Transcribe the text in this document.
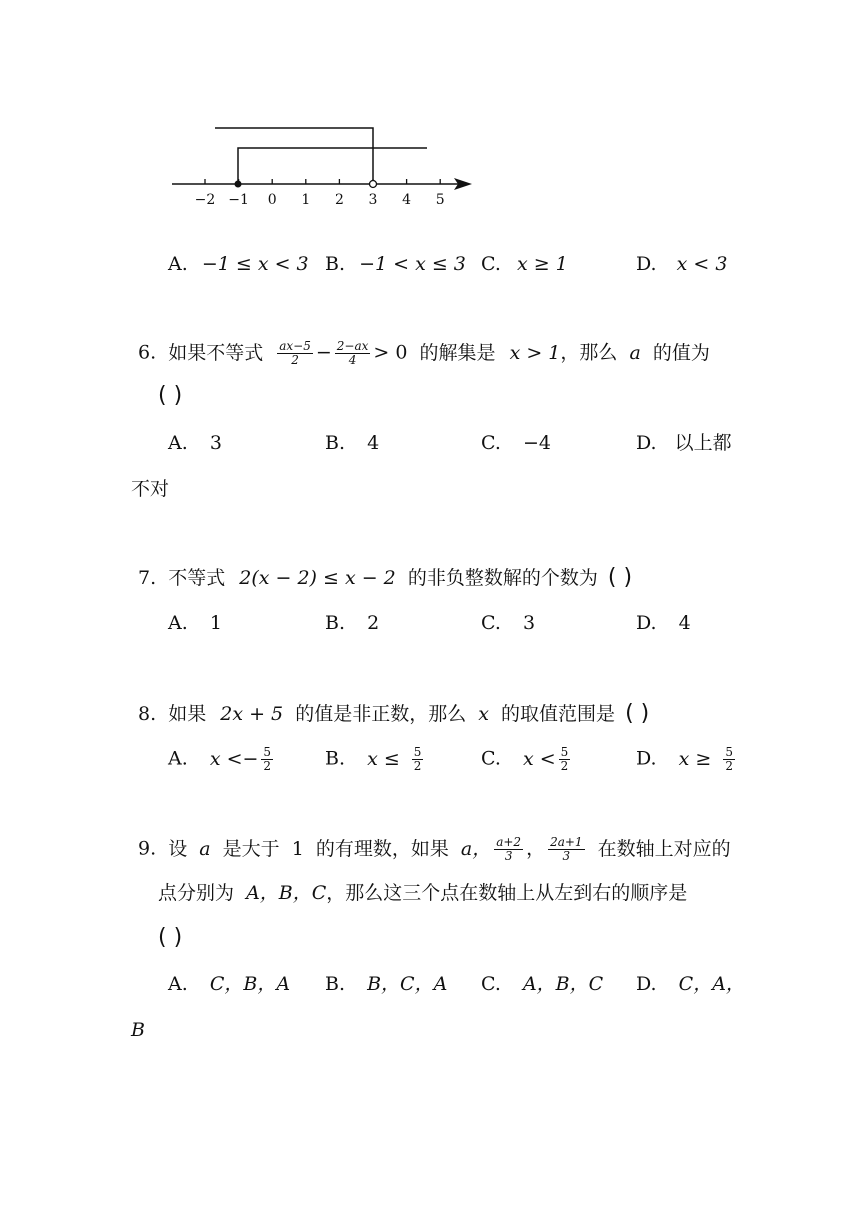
−2 −1 0 1 2 3 4 5
A. −1 ≤ x < 3 B. −1 < x ≤ 3 C. x ≥ 1	D. x < 3
6. 如果不等式 $\frac{ax-5}{2} - \frac{2-ax}{4} > 0$ 的解集是 x > 1，那么 a 的值为
( )
A. 3	B. 4	C. −4	D. 以上都
不对
7. 不等式 2(x − 2) ≤ x − 2 的非负整数解的个数为 ( )
A. 1	B. 2	C. 3	D. 4
8. 如果 2x + 5 的值是非正数，那么 x 的取值范围是 ( )
A. $x <- \frac{5}{2}$	B. $x \le \frac{5}{2}$	C. $x < \frac{5}{2}$	D. $x \ge \frac{5}{2}$
9. 设 a 是大于 1 的有理数，如果 a， $\frac{a+2}{3}$ ， $\frac{2a+1}{3}$ 在数轴上对应的
点分别为 A，B，C，那么这三个点在数轴上从左到右的顺序是
( )
A. C，B，A B. B，C，A C. A，B，C D. C，A，
B
